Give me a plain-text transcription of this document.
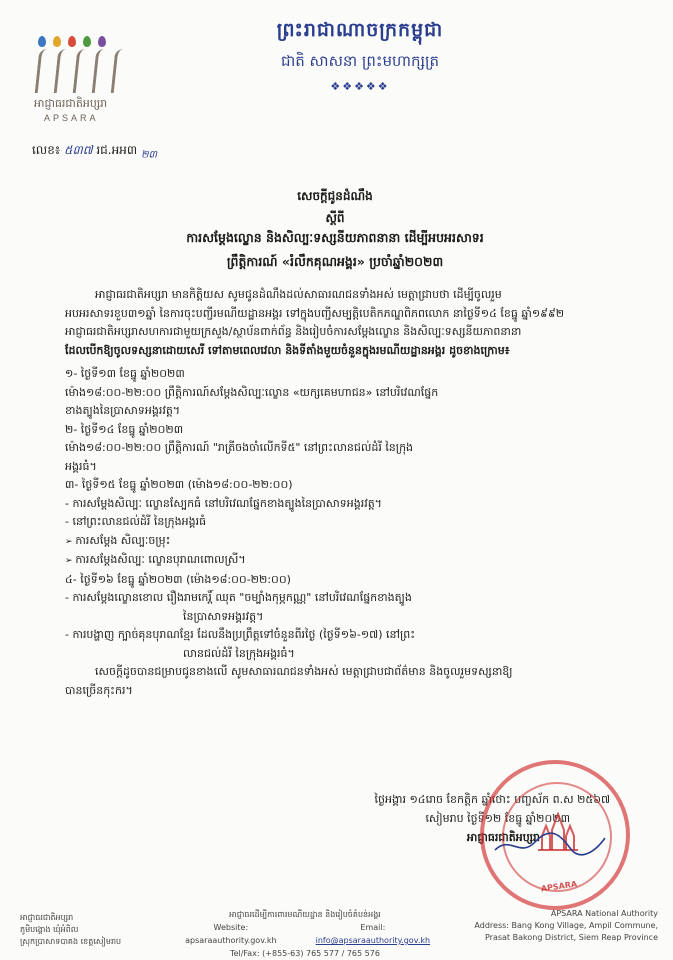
អាជ្ញាធរជាតិអប្សរា
APSARA
ព្រះរាជាណាចក្រកម្ពុជា
ជាតិ សាសនា ព្រះមហាក្សត្រ
❖❖❖❖❖
លេខ៖ ៥៣៧ រជ.អអ៣ $_{២៣}$
សេចក្តីជូនដំណឹង
ស្តីពី
ការសម្តែងល្ខោន និងសិល្បៈទស្សនីយភាពនានា ដើម្បីអបអរសាទរ
ព្រឹត្តិការណ៍ «រំលឹកគុណអង្គរ» ប្រចាំឆ្នាំ២០២៣

អាជ្ញាធរជាតិអប្សរា មានកិត្តិយស សូមជូនដំណឹងដល់សាធារណជនទាំងអស់ មេត្តាជ្រាបថា ដើម្បីចូលរួម

អបអរសាទរខួប៣១ឆ្នាំ នៃការចុះបញ្ជីរមណីយដ្ឋានអង្គរ ទៅក្នុងបញ្ជីសម្បត្តិបេតិកភណ្ឌពិភពលោក នាថ្ងៃទី១៤ ខែធ្នូ ឆ្នាំ១៩៩២

អាជ្ញាធរជាតិអប្សរាសហការជាមួយក្រសួង/ស្ថាប័នពាក់ព័ន្ធ និងរៀបចំការសម្តែងល្ខោន និងសិល្បៈទស្សនីយភាពនានា

ដែលបើកឱ្យចូលទស្សនាដោយសេរី ទៅតាមពេលវេលា និងទីតាំងមួយចំនួនក្នុងរមណីយដ្ឋានអង្គរ ដូចខាងក្រោម៖

១- ថ្ងៃទី១៣ ខែធ្នូ ឆ្នាំ២០២៣

ម៉ោង១៨:០០-២២:០០ ព្រឹត្តិការណ៍សម្តែងសិល្បៈល្ខោន «យក្សគេមហាជន» នៅបរិវេណផ្នែក

ខាងត្បូងនៃប្រាសាទអង្គរវត្ត។

២- ថ្ងៃទី១៤ ខែធ្នូ ឆ្នាំ២០២៣

ម៉ោង១៨:០០-២២:០០ ព្រឹត្តិការណ៍ "រាត្រីចងចាំលើកទី៥" នៅព្រះលានជល់ដំរី នៃក្រុង

អង្គរធំ។

៣- ថ្ងៃទី១៥ ខែធ្នូ ឆ្នាំ២០២៣ (ម៉ោង១៨:០០-២២:០០)

- ការសម្តែងសិល្បៈ ល្ខោនស្បែកធំ នៅបរិវេណផ្នែកខាងត្បូងនៃប្រាសាទអង្គរវត្ត។

- នៅព្រះលានជល់ដំរី នៃក្រុងអង្គរធំ

➢ ការសម្តែង សិល្បៈចម្រុះ

➢ ការសម្តែងសិល្បៈ ល្ខោនបុរាណពោលស្រី។

៤- ថ្ងៃទី១៦ ខែធ្នូ ឆ្នាំ២០២៣ (ម៉ោង១៨:០០-២២:០០)

- ការសម្តែងល្ខោនខោល រឿងរាមកេរ្តិ៍ ឈុត "ចម្បាំងកុម្ភកណ្ណ" នៅបរិវេណផ្នែកខាងត្បូង

នៃប្រាសាទអង្គរវត្ត។

- ការបង្ហាញ ក្បាច់គុនបុរាណខ្មែរ ដែលនឹងប្រព្រឹត្តទៅចំនួនពីរថ្ងៃ (ថ្ងៃទី១៦-១៧) នៅព្រះ

លានជល់ដំរី នៃក្រុងអង្គរធំ។

សេចក្តីដូចបានជម្រាបជូនខាងលើ សូមសាធារណជនទាំងអស់ មេត្តាជ្រាបជាព័ត៌មាន និងចូលរួមទស្សនាឱ្យ

បានច្រើនកុះករ។

ថ្ងៃអង្គារ ១៤រោច ខែកត្តិក ឆ្នាំថោះ បញ្ចស័ក ព.ស ២៥៦៧
សៀមរាប ថ្ងៃទី១២ ខែធ្នូ ឆ្នាំ២០២៣
អាជ្ញាធរជាតិអប្សរា
APSARA
អាជ្ញាធរជាតិអប្សរា
ភូមិបង្គោង ឃុំអំពិល
ស្រុកប្រាសាទបាគង ខេត្តសៀមរាប
អាជ្ញាធរដើម្បីការពារមណីយដ្ឋាន និងរៀបចំតំបន់អង្គរ
Website: apsaraauthority.gov.kh
Email: info@apsaraauthority.gov.kh
Tel/Fax: (+855-63) 765 577 / 765 576
APSARA National Authority
Address: Bang Kong Village, Ampil Commune,
Prasat Bakong District, Siem Reap Province
